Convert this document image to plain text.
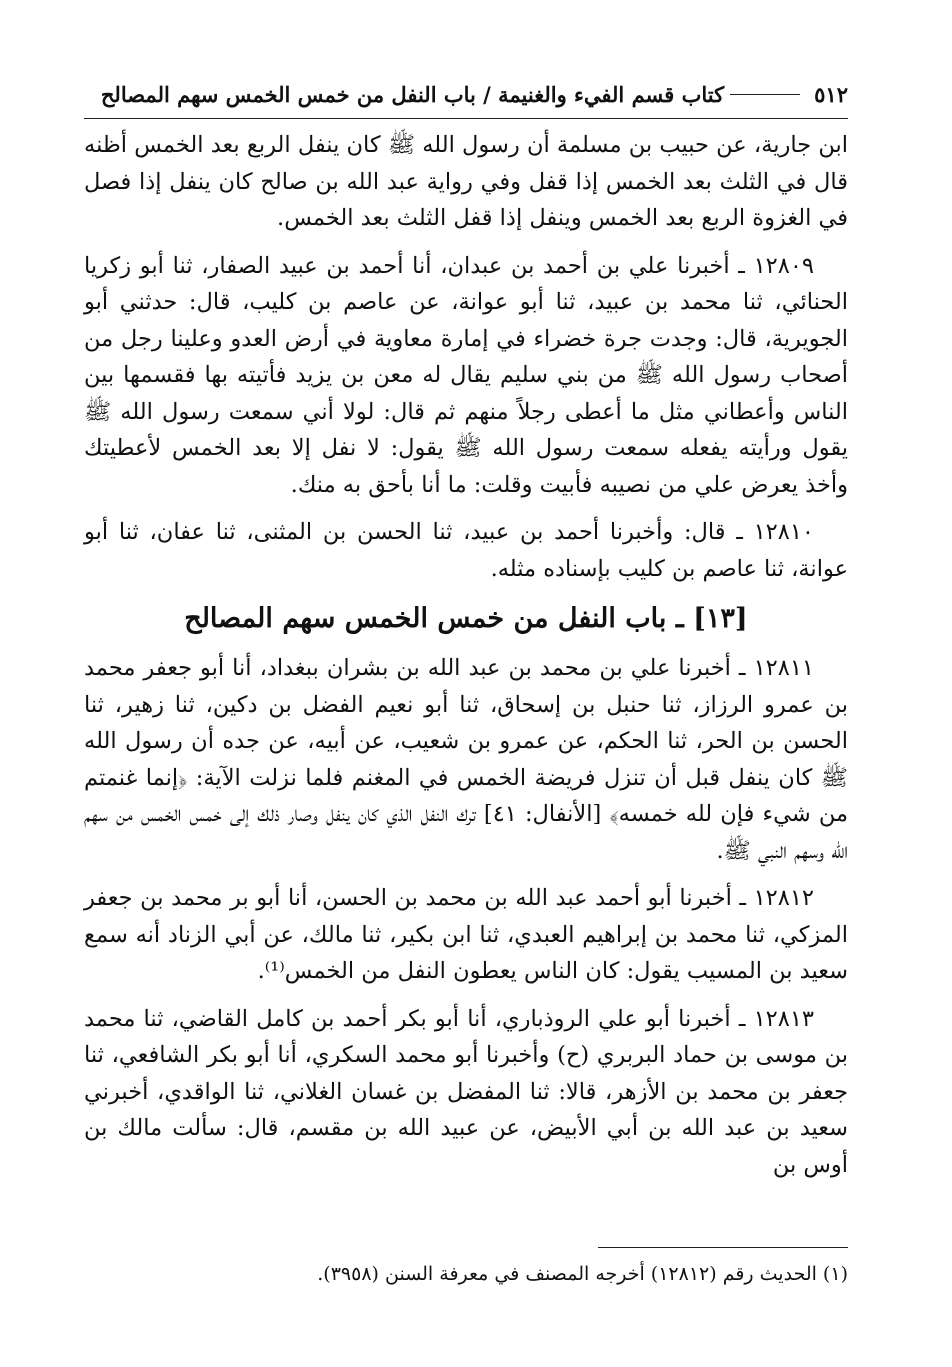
٥١٢
كتاب قسم الفيء والغنيمة / باب النفل من خمس الخمس سهم المصالح

ابن جارية، عن حبيب بن مسلمة أن رسول الله ﷺ كان ينفل الربع بعد الخمس أظنه قال في الثلث بعد الخمس إذا قفل وفي رواية عبد الله بن صالح كان ينفل إذا فصل في الغزوة الربع بعد الخمس وينفل إذا قفل الثلث بعد الخمس.

١٢٨٠٩ ـ أخبرنا علي بن أحمد بن عبدان، أنا أحمد بن عبيد الصفار، ثنا أبو زكريا الحنائي، ثنا محمد بن عبيد، ثنا أبو عوانة، عن عاصم بن كليب، قال: حدثني أبو الجويرية، قال: وجدت جرة خضراء في إمارة معاوية في أرض العدو وعلينا رجل من أصحاب رسول الله ﷺ من بني سليم يقال له معن بن يزيد فأتيته بها فقسمها بين الناس وأعطاني مثل ما أعطى رجلاً منهم ثم قال: لولا أني سمعت رسول الله ﷺ يقول ورأيته يفعله سمعت رسول الله ﷺ يقول: لا نفل إلا بعد الخمس لأعطيتك وأخذ يعرض علي من نصيبه فأبيت وقلت: ما أنا بأحق به منك.

١٢٨١٠ ـ قال: وأخبرنا أحمد بن عبيد، ثنا الحسن بن المثنى، ثنا عفان، ثنا أبو عوانة، ثنا عاصم بن كليب بإسناده مثله.

[١٣] ـ باب النفل من خمس الخمس سهم المصالح

١٢٨١١ ـ أخبرنا علي بن محمد بن عبد الله بن بشران ببغداد، أنا أبو جعفر محمد بن عمرو الرزاز، ثنا حنبل بن إسحاق، ثنا أبو نعيم الفضل بن دكين، ثنا زهير، ثنا الحسن بن الحر، ثنا الحكم، عن عمرو بن شعيب، عن أبيه، عن جده أن رسول الله ﷺ كان ينفل قبل أن تنزل فريضة الخمس في المغنم فلما نزلت الآية: ﴿إنما غنمتم من شيء فإن لله خمسه﴾ [الأنفال: ٤١] ترك النفل الذي كان ينفل وصار ذلك إلى خمس الخمس من سهم الله وسهم النبي ﷺ.

١٢٨١٢ ـ أخبرنا أبو أحمد عبد الله بن محمد بن الحسن، أنا أبو بر محمد بن جعفر المزكي، ثنا محمد بن إبراهيم العبدي، ثنا ابن بكير، ثنا مالك، عن أبي الزناد أنه سمع سعيد بن المسيب يقول: كان الناس يعطون النفل من الخمس⁽¹⁾.

١٢٨١٣ ـ أخبرنا أبو علي الروذباري، أنا أبو بكر أحمد بن كامل القاضي، ثنا محمد بن موسى بن حماد البربري (ح) وأخبرنا أبو محمد السكري، أنا أبو بكر الشافعي، ثنا جعفر بن محمد بن الأزهر، قالا: ثنا المفضل بن غسان الغلاني، ثنا الواقدي، أخبرني سعيد بن عبد الله بن أبي الأبيض، عن عبيد الله بن مقسم، قال: سألت مالك بن أوس بن

(١) الحديث رقم (١٢٨١٢) أخرجه المصنف في معرفة السنن (٣٩٥٨).
